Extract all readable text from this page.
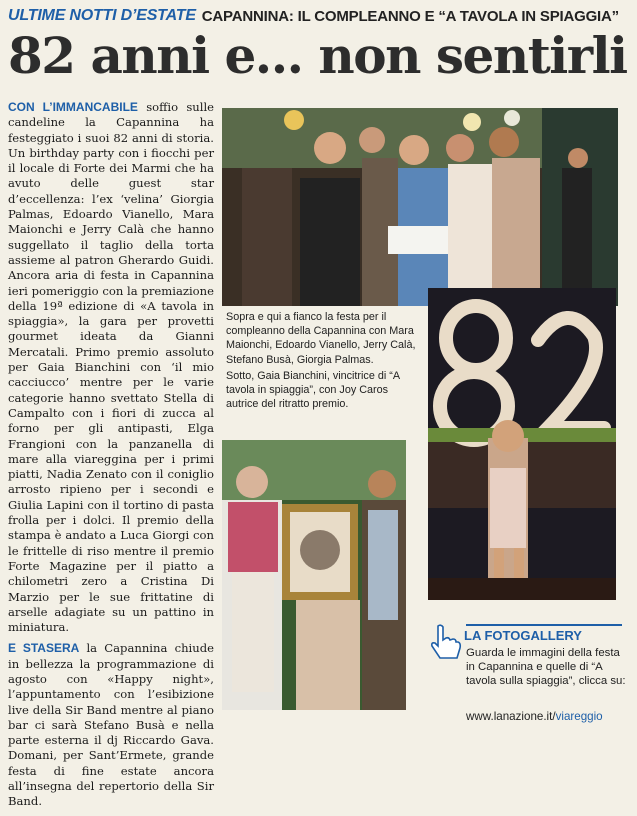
ULTIME NOTTI D’ESTATE CAPANNINA: IL COMPLEANNO E “A TAVOLA IN SPIAGGIA”
82 anni e... non sentirli

CON L’IMMANCABILE soffio sulle candeline la Capannina ha festeggiato i suoi 82 anni di storia. Un birthday party con i fiocchi per il locale di Forte dei Marmi che ha avuto delle guest star d’eccellenza: l’ex ‘velina’ Giorgia Palmas, Edoardo Vianello, Mara Maionchi e Jerry Calà che hanno suggellato il taglio della torta assieme al patron Gherardo Guidi. Ancora aria di festa in Capannina ieri pomeriggio con la premiazione della 19ª edizione di «A tavola in spiaggia», la gara per provetti gourmet ideata da Gianni Mercatali. Primo premio assoluto per Gaia Bianchini con ‘il mio cacciucco’ mentre per le varie categorie hanno svettato Stella di Campalto con i fiori di zucca al forno per gli antipasti, Elga Frangioni con la panzanella di mare alla viareggina per i primi piatti, Nadia Zenato con il coniglio arrosto ripieno per i secondi e Giulia Lapini con il tortino di pasta frolla per i dolci. Il premio della stampa è andato a Luca Giorgi con le frittelle di riso mentre il premio Forte Magazine per il piatto a chilometri zero a Cristina Di Marzio per le sue frittatine di arselle adagiate su un pattino in miniatura.

E STASERA la Capannina chiude in bellezza la programmazione di agosto con «Happy night», l’appuntamento con l’esibizione live della Sir Band mentre al piano bar ci sarà Stefano Busà e nella parte esterna il dj Riccardo Gava. Domani, per Sant’Ermete, grande festa di fine estate ancora all’insegna del repertorio della Sir Band.

Sopra e qui a fianco la festa per il compleanno della Capannina con Mara Maionchi, Edoardo Vianello, Jerry Calà, Stefano Busà, Giorgia Palmas.

Sotto, Gaia Bianchini, vincitrice di “A tavola in spiaggia”, con Joy Caros autrice del ritratto premio.

LA FOTOGALLERY
Guarda le immagini della festa in Capannina e quelle di “A tavola sulla spiaggia”, clicca su:
www.lanazione.it/viareggio
